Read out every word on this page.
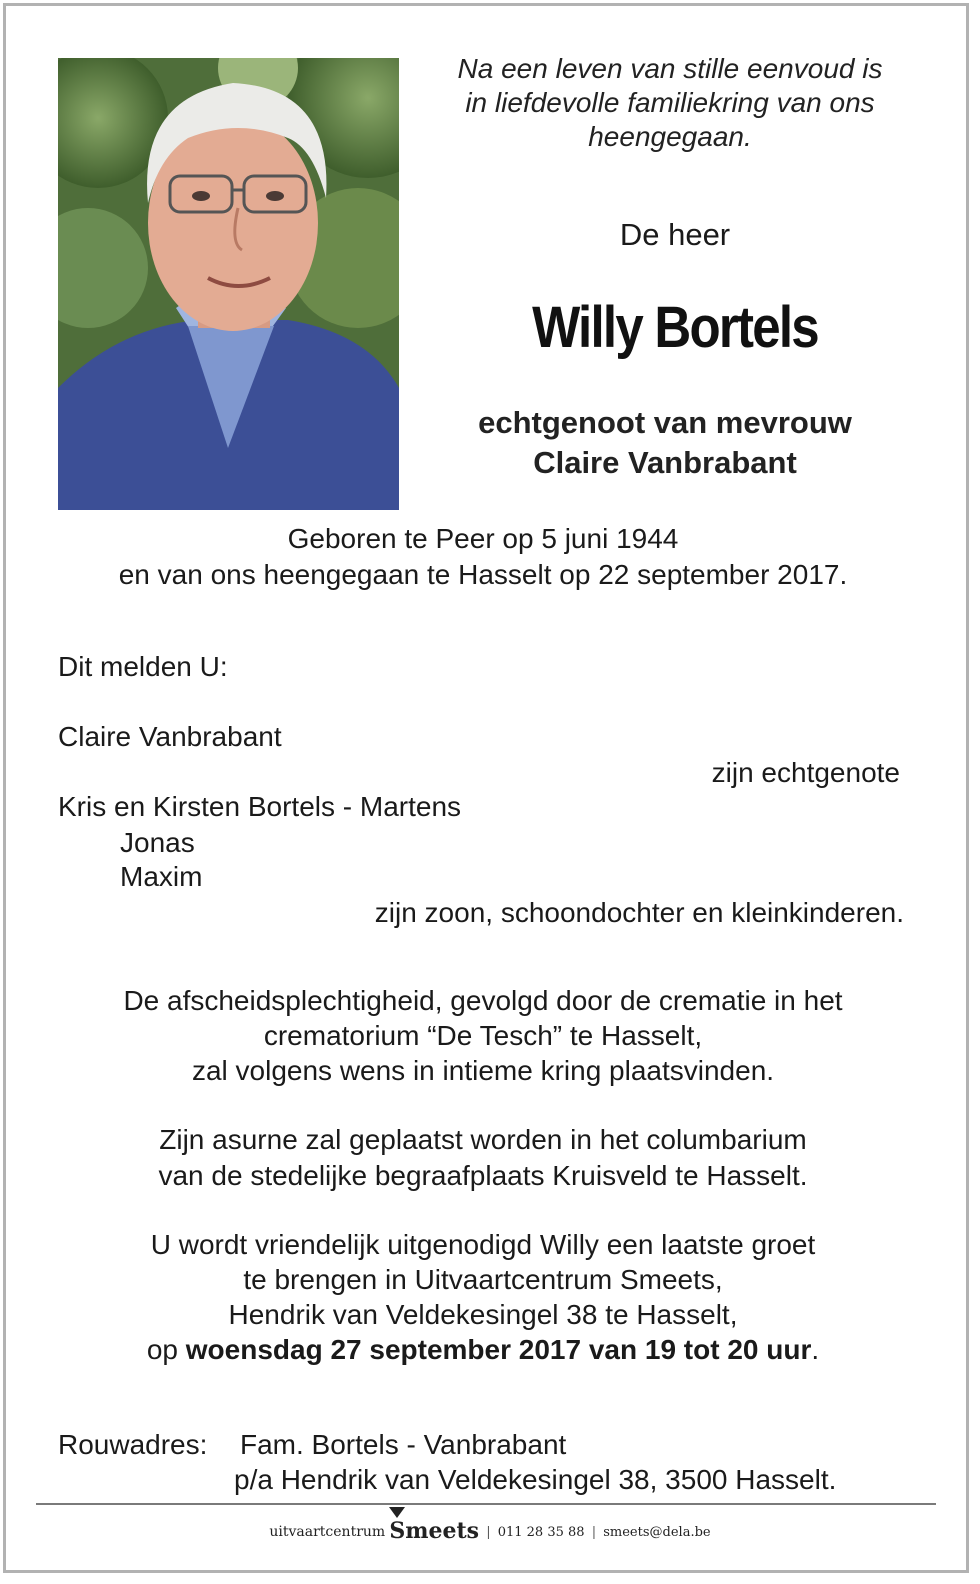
Na een leven van stille eenvoud is
in liefdevolle familiekring van ons
heengegaan.
De heer
Willy Bortels
echtgenoot van mevrouw
Claire Vanbrabant
Geboren te Peer op 5 juni 1944
en van ons heengegaan te Hasselt op 22 september 2017.
Dit melden U:
Claire Vanbrabant
zijn echtgenote
Kris en Kirsten Bortels - Martens
Jonas
Maxim
zijn zoon, schoondochter en kleinkinderen.
De afscheidsplechtigheid, gevolgd door de crematie in het
crematorium “De Tesch” te Hasselt,
zal volgens wens in intieme kring plaatsvinden.
Zijn asurne zal geplaatst worden in het columbarium
van de stedelijke begraafplaats Kruisveld te Hasselt.
U wordt vriendelijk uitgenodigd Willy een laatste groet
te brengen in Uitvaartcentrum Smeets,
Hendrik van Veldekesingel 38 te Hasselt,
op woensdag 27 september 2017 van 19 tot 20 uur.
Rouwadres: Fam. Bortels - Vanbrabant
p/a Hendrik van Veldekesingel 38, 3500 Hasselt.
uitvaartcentrum Smeets | 011 28 35 88 | smeets@dela.be
